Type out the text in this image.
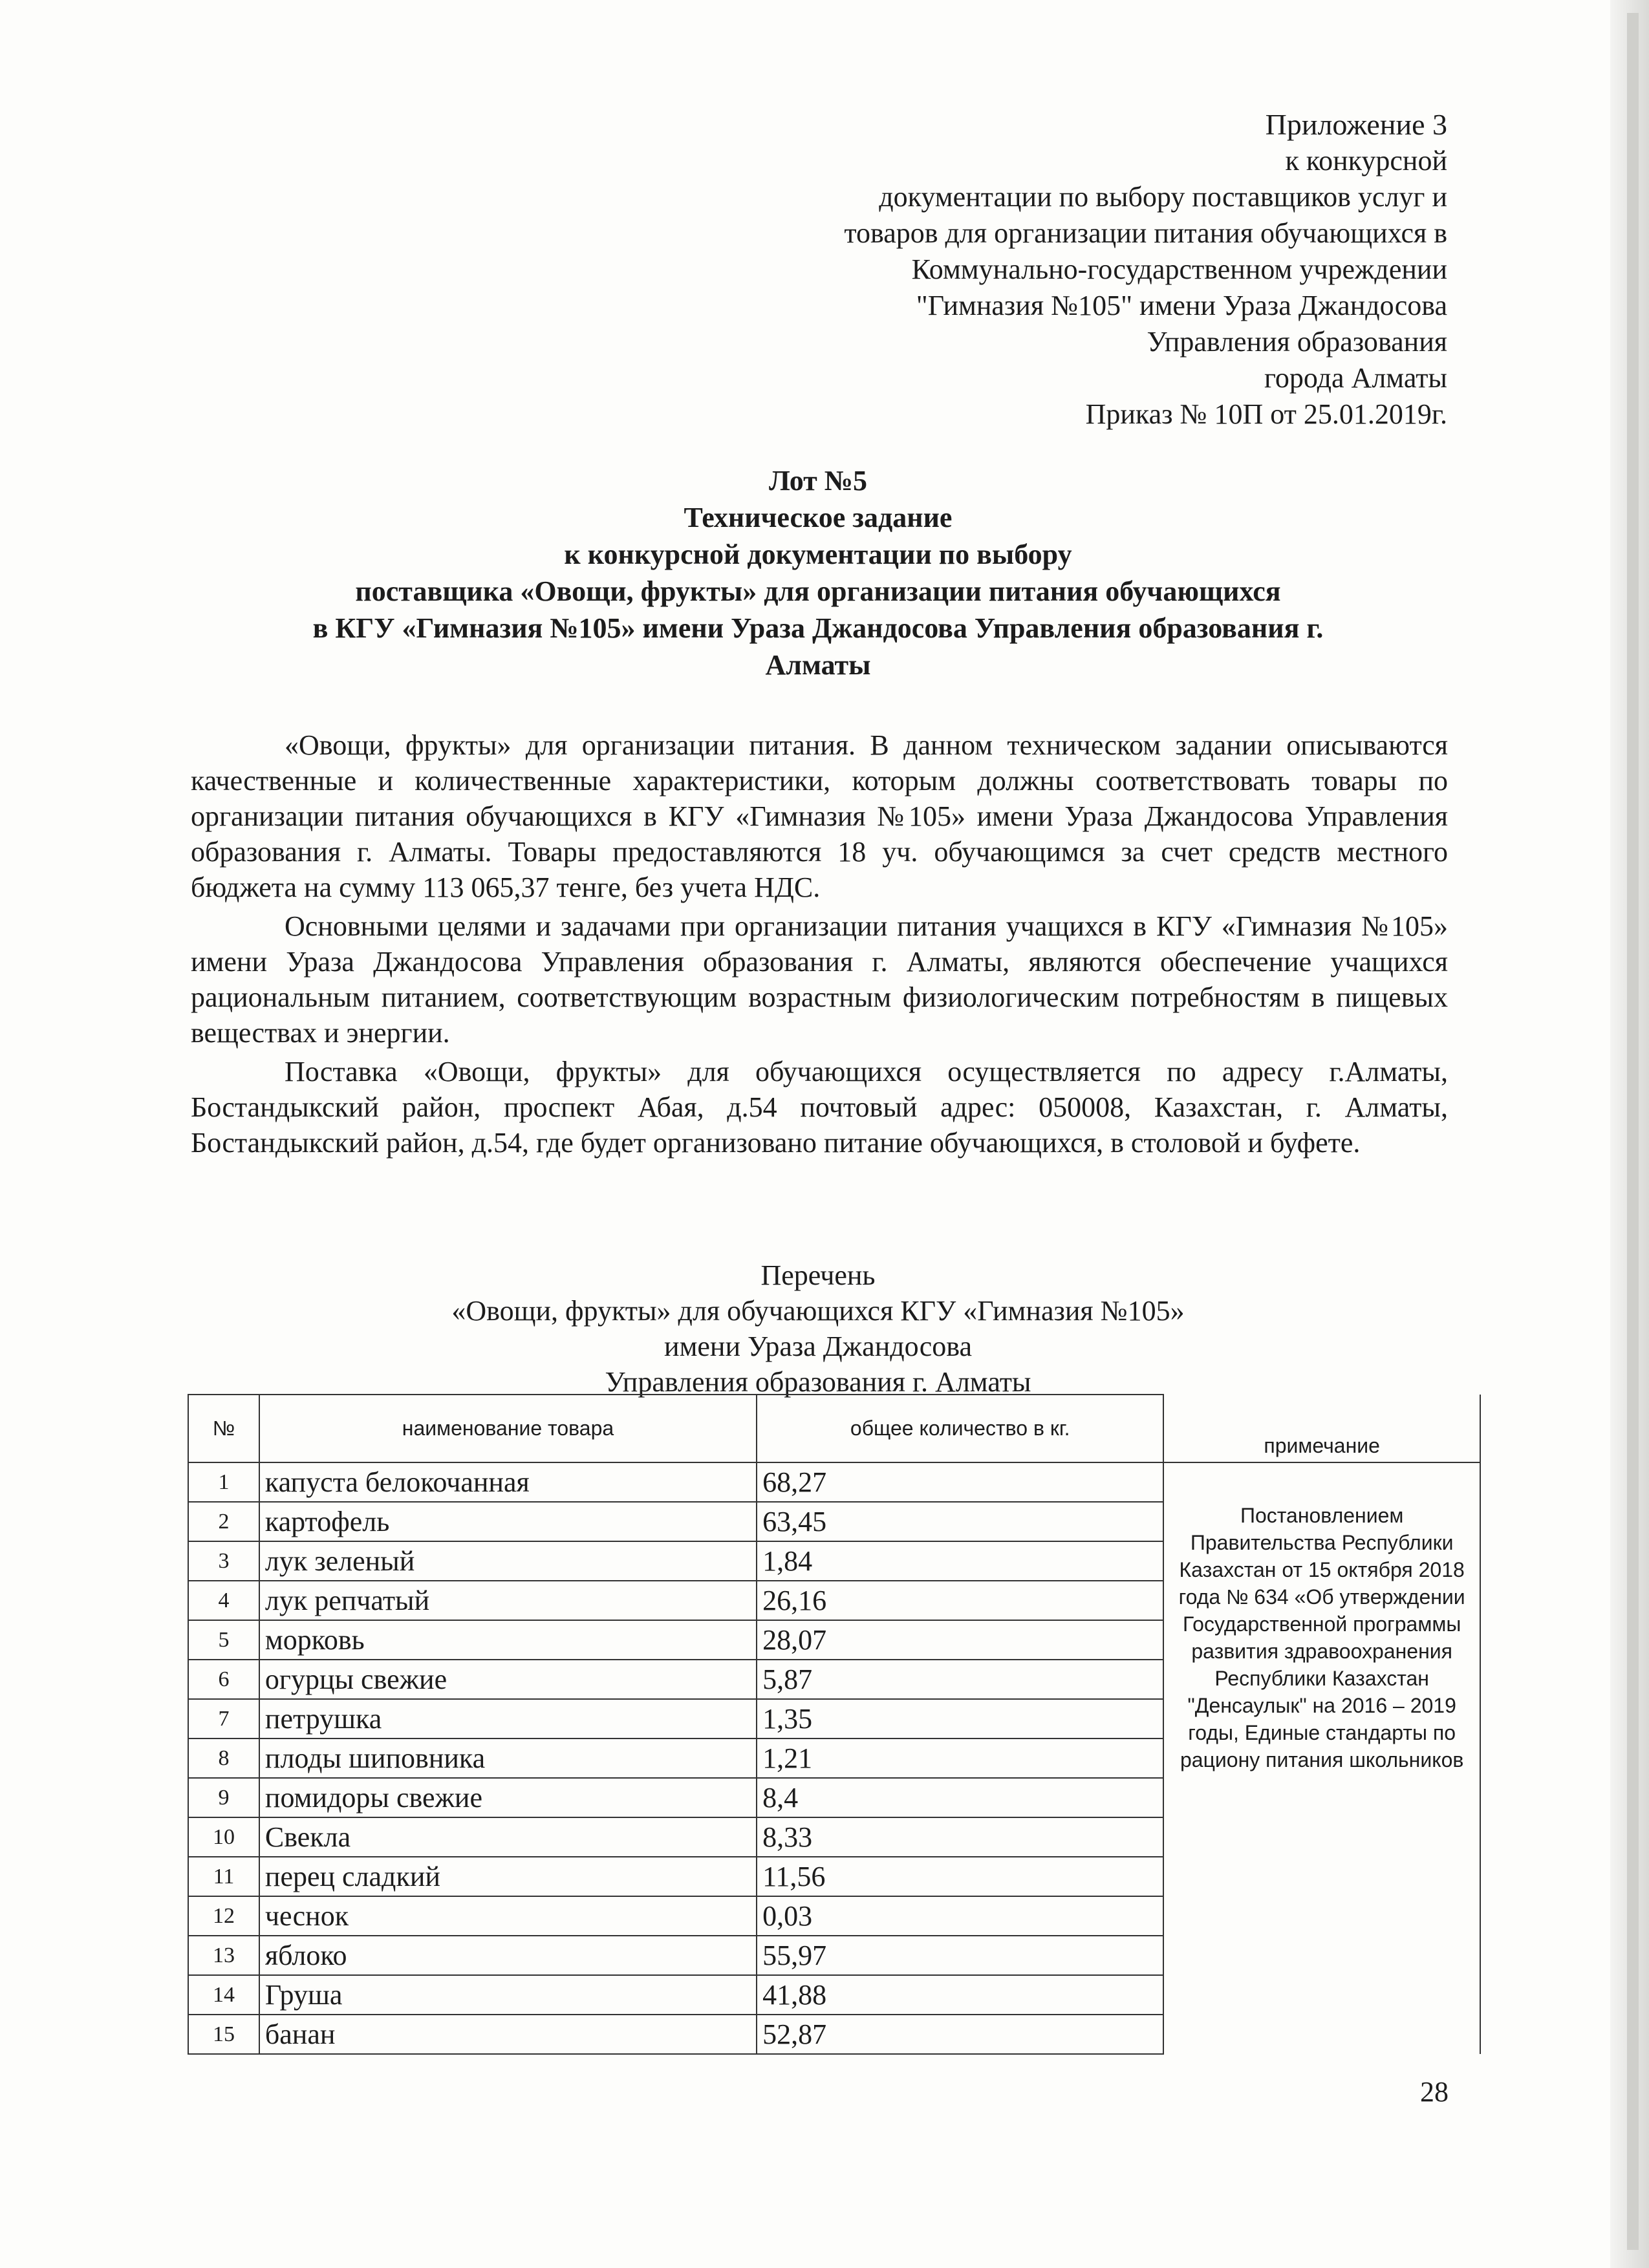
Приложение 3
к конкурсной
документации по выбору поставщиков услуг и
товаров для организации питания обучающихся в
Коммунально-государственном учреждении
"Гимназия №105" имени Ураза Джандосова
Управления образования
города Алматы
Приказ № 10П от 25.01.2019г.
Лот №5
Техническое задание
к конкурсной документации по выбору
поставщика «Овощи, фрукты» для организации питания обучающихся
в КГУ «Гимназия №105» имени Ураза Джандосова Управления образования г.
Алматы

«Овощи, фрукты» для организации питания. В данном техническом задании описываются качественные и количественные характеристики, которым должны соответствовать товары по организации питания обучающихся в КГУ «Гимназия №105» имени Ураза Джандосова Управления образования г. Алматы. Товары предоставляются 18 уч. обучающимся за счет средств местного бюджета на сумму 113 065,37 тенге, без учета НДС.

Основными целями и задачами при организации питания учащихся в КГУ «Гимназия №105» имени Ураза Джандосова Управления образования г. Алматы, являются обеспечение учащихся рациональным питанием, соответствующим возрастным физиологическим потребностям в пищевых веществах и энергии.

Поставка «Овощи, фрукты» для обучающихся осуществляется по адресу г.Алматы, Бостандыкский район, проспект Абая, д.54 почтовый адрес: 050008, Казахстан, г. Алматы, Бостандыкский район, д.54, где будет организовано питание обучающихся, в столовой и буфете.

Перечень
«Овощи, фрукты» для обучающихся КГУ «Гимназия №105»
имени Ураза Джандосова
Управления образования г. Алматы
№	наименование товара	общее количество в кг.	примечание
1	капуста белокочанная	68,27	Постановлением Правительства Республики Казахстан от 15 октября 2018 года № 634 «Об утверждении Государственной программы развития здравоохранения Республики Казахстан "Денсаулык" на 2016 – 2019 годы, Единые стандарты по рациону питания школьников
2	картофель	63,45	
3	лук зеленый	1,84	
4	лук репчатый	26,16	
5	морковь	28,07	
6	огурцы свежие	5,87	
7	петрушка	1,35	
8	плоды шиповника	1,21	
9	помидоры свежие	8,4	
10	Свекла	8,33	
11	перец сладкий	11,56	
12	чеснок	0,03	
13	яблоко	55,97	
14	Груша	41,88	
15	банан	52,87	
28
